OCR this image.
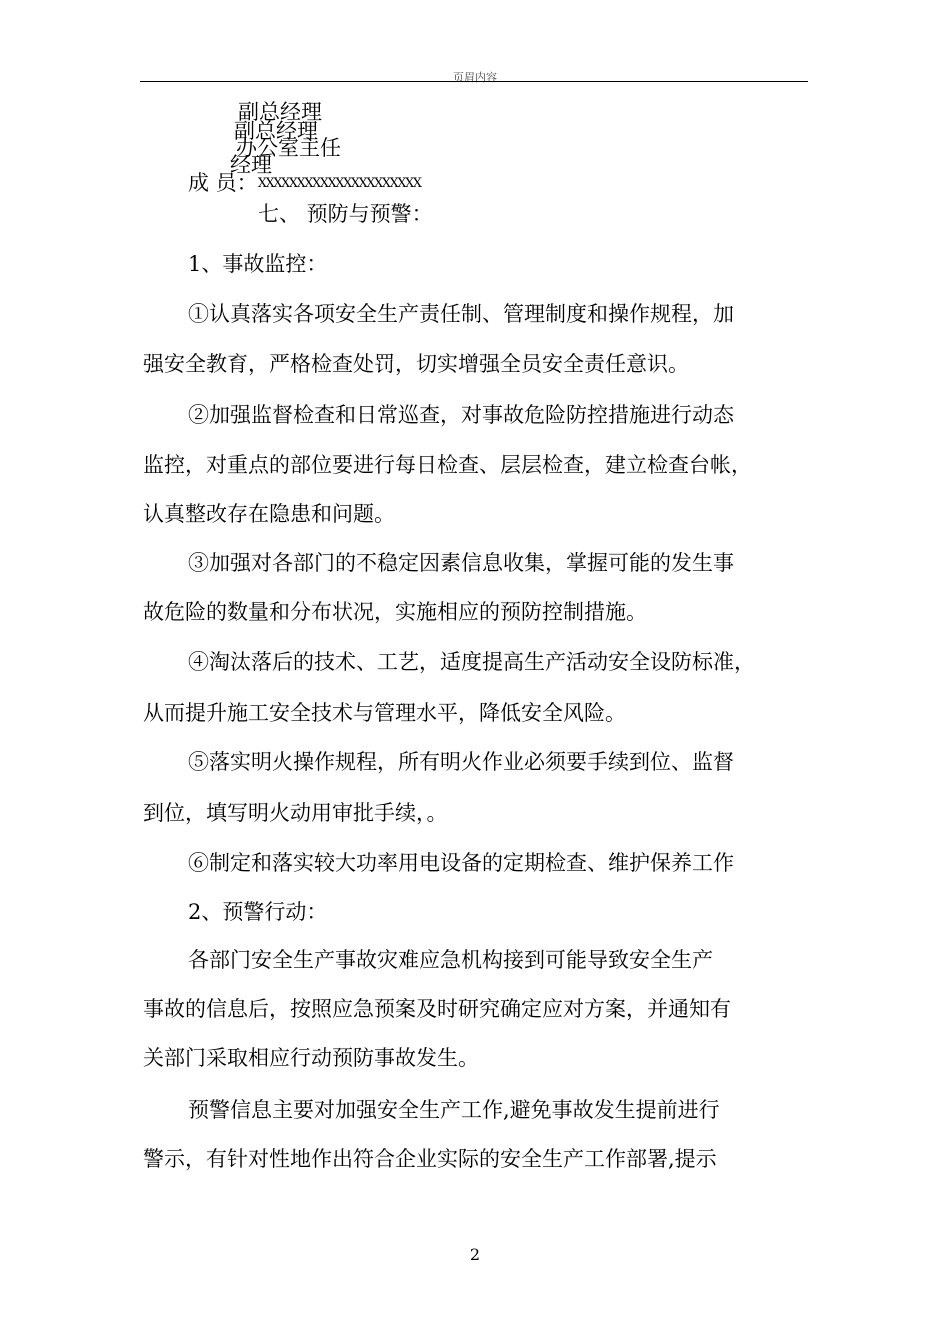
页眉内容
副总经理
副总经理
办公室主任
经理
成 员：XXXXXXXXXXXXXXXXXXXXX
七、 预防与预警：
1、事故监控：
①认真落实各项安全生产责任制、管理制度和操作规程，加
强安全教育，严格检查处罚，切实增强全员安全责任意识。
②加强监督检查和日常巡查，对事故危险防控措施进行动态
监控，对重点的部位要进行每日检查、层层检查，建立检查台帐，
认真整改存在隐患和问题。
③加强对各部门的不稳定因素信息收集，掌握可能的发生事
故危险的数量和分布状况，实施相应的预防控制措施。
④淘汰落后的技术、工艺，适度提高生产活动安全设防标准，
从而提升施工安全技术与管理水平，降低安全风险。
⑤落实明火操作规程，所有明火作业必须要手续到位、监督
到位，填写明火动用审批手续，。
⑥制定和落实较大功率用电设备的定期检查、维护保养工作
2、预警行动：
各部门安全生产事故灾难应急机构接到可能导致安全生产
事故的信息后，按照应急预案及时研究确定应对方案，并通知有
关部门采取相应行动预防事故发生。
预警信息主要对加强安全生产工作,避免事故发生提前进行
警示，有针对性地作出符合企业实际的安全生产工作部署,提示
2
